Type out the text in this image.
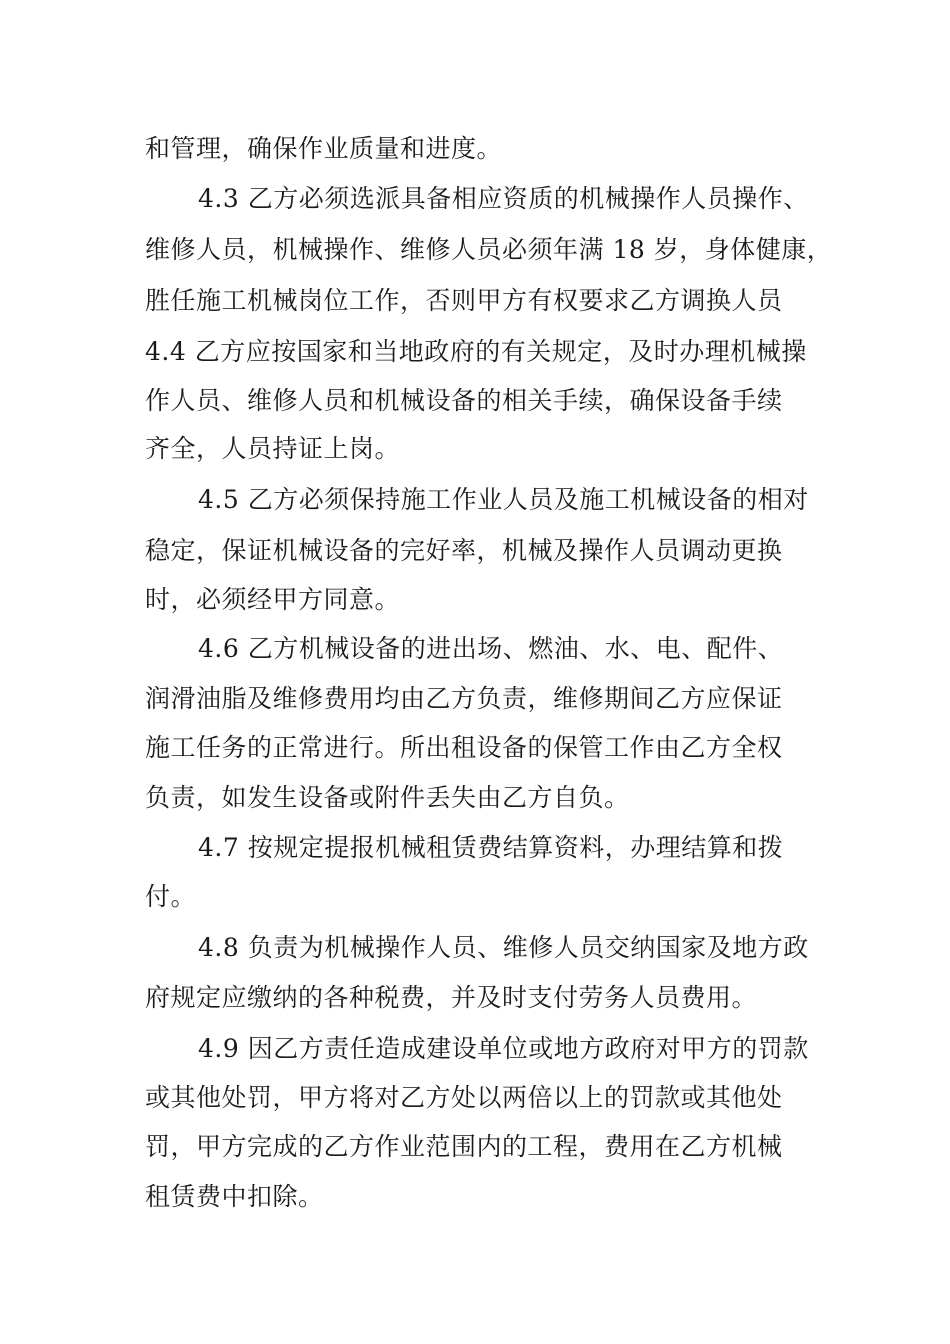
和管理，确保作业质量和进度。
4.3 乙方必须选派具备相应资质的机械操作人员操作、
维修人员，机械操作、维修人员必须年满 18 岁，身体健康，
胜任施工机械岗位工作，否则甲方有权要求乙方调换人员
4.4 乙方应按国家和当地政府的有关规定，及时办理机械操
作人员、维修人员和机械设备的相关手续，确保设备手续
齐全，人员持证上岗。
4.5 乙方必须保持施工作业人员及施工机械设备的相对
稳定，保证机械设备的完好率，机械及操作人员调动更换
时，必须经甲方同意。
4.6 乙方机械设备的进出场、燃油、水、电、配件、
润滑油脂及维修费用均由乙方负责，维修期间乙方应保证
施工任务的正常进行。所出租设备的保管工作由乙方全权
负责，如发生设备或附件丢失由乙方自负。
4.7 按规定提报机械租赁费结算资料，办理结算和拨
付。
4.8 负责为机械操作人员、维修人员交纳国家及地方政
府规定应缴纳的各种税费，并及时支付劳务人员费用。
4.9 因乙方责任造成建设单位或地方政府对甲方的罚款
或其他处罚，甲方将对乙方处以两倍以上的罚款或其他处
罚，甲方完成的乙方作业范围内的工程，费用在乙方机械
租赁费中扣除。
